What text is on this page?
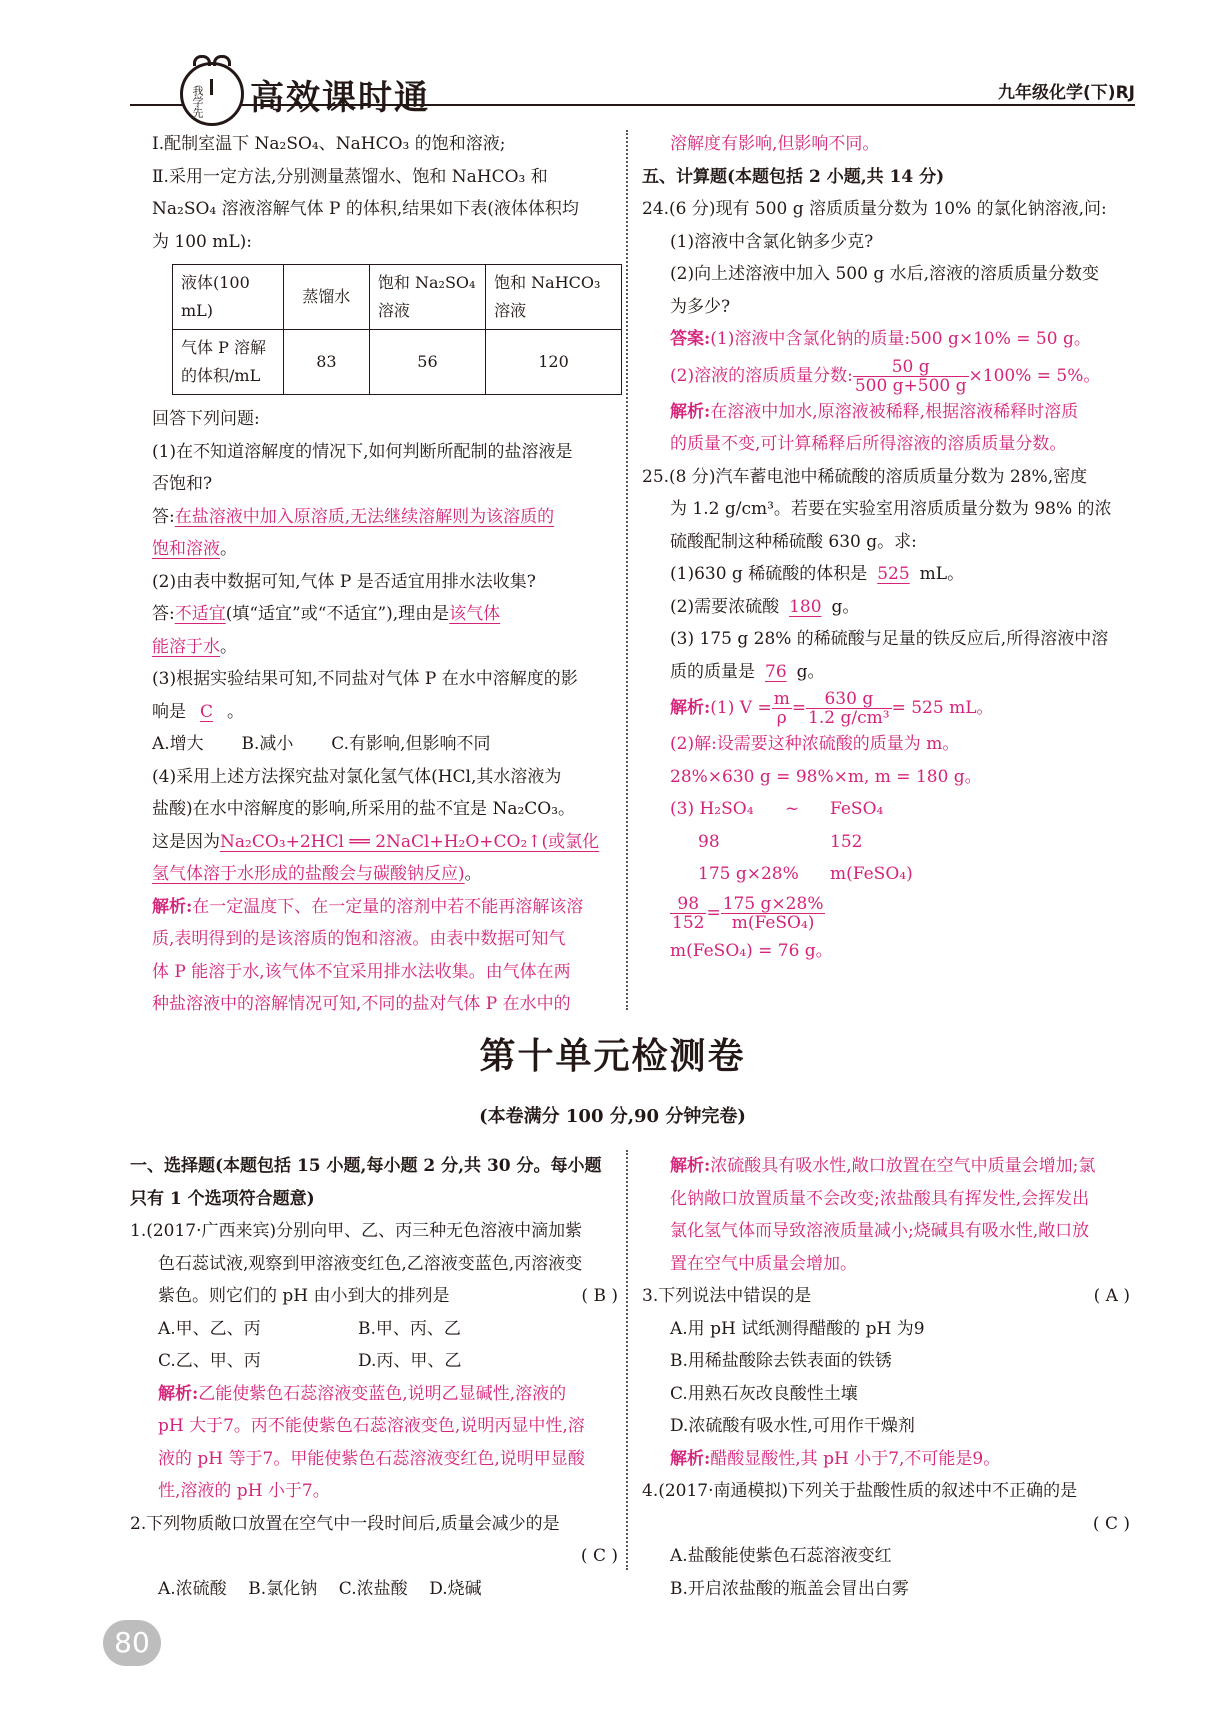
我学先 高效课时通	九年级化学(下)RJ

Ⅰ.配制室温下 Na₂SO₄、NaHCO₃ 的饱和溶液;

Ⅱ.采用一定方法,分别测量蒸馏水、饱和 NaHCO₃ 和

Na₂SO₄ 溶液溶解气体 P 的体积,结果如下表(液体体积均

为 100 mL):

液体(100 mL)	蒸馏水	饱和 Na₂SO₄ 溶液	饱和 NaHCO₃ 溶液
气体 P 溶解的体积/mL	83	56	120

回答下列问题:

(1)在不知道溶解度的情况下,如何判断所配制的盐溶液是

否饱和?

答:在盐溶液中加入原溶质,无法继续溶解则为该溶质的

饱和溶液。

(2)由表中数据可知,气体 P 是否适宜用排水法收集?

答:不适宜(填“适宜”或“不适宜”),理由是该气体

能溶于水。

(3)根据实验结果可知,不同盐对气体 P 在水中溶解度的影

响是 C 。

A.增大       B.减小       C.有影响,但影响不同

(4)采用上述方法探究盐对氯化氢气体(HCl,其水溶液为

盐酸)在水中溶解度的影响,所采用的盐不宜是 Na₂CO₃。

这是因为Na₂CO₃+2HCl ══ 2NaCl+H₂O+CO₂↑(或氯化

氢气体溶于水形成的盐酸会与碳酸钠反应)。

解析:在一定温度下、在一定量的溶剂中若不能再溶解该溶

质,表明得到的是该溶质的饱和溶液。由表中数据可知气

体 P 能溶于水,该气体不宜采用排水法收集。由气体在两

种盐溶液中的溶解情况可知,不同的盐对气体 P 在水中的

溶解度有影响,但影响不同。

五、计算题(本题包括 2 小题,共 14 分)

24.(6 分)现有 500 g 溶质质量分数为 10% 的氯化钠溶液,问:

(1)溶液中含氯化钠多少克?

(2)向上述溶液中加入 500 g 水后,溶液的溶质质量分数变

为多少?

答案:(1)溶液中含氯化钠的质量:500 g×10% = 50 g。

(2)溶液的溶质质量分数: $\frac{50 g}{500 g+500 g} \times 100\% = 5\%$。

解析:在溶液中加水,原溶液被稀释,根据溶液稀释时溶质

的质量不变,可计算稀释后所得溶液的溶质质量分数。

25.(8 分)汽车蓄电池中稀硫酸的溶质质量分数为 28%,密度

为 1.2 g/cm³。若要在实验室用溶质质量分数为 98% 的浓

硫酸配制这种稀硫酸 630 g。求:

(1)630 g 稀硫酸的体积是 525 mL。

(2)需要浓硫酸 180 g。

(3) 175 g 28% 的稀硫酸与足量的铁反应后,所得溶液中溶

质的质量是 76 g。

解析:(1) $V = \frac{m}{\rho} = \frac{630 g}{\text{1.2 g/cm³}} = 525$ mL。

(2)解:设需要这种浓硫酸的质量为 m。

28%×630 g = 98%×m, m = 180 g。

(3) H₂SO₄ ~ FeSO₄

98	152

175 g×28% m(FeSO₄)

$\frac{98}{152} = \frac{175 g\times 28\%}{\text{m(FeSO₄)}}$

m(FeSO₄) = 76 g。

第十单元检测卷
(本卷满分 100 分,90 分钟完卷)

一、选择题(本题包括 15 小题,每小题 2 分,共 30 分。每小题

只有 1 个选项符合题意)

1.(2017·广西来宾)分别向甲、乙、丙三种无色溶液中滴加紫

色石蕊试液,观察到甲溶液变红色,乙溶液变蓝色,丙溶液变

紫色。则它们的 pH 由小到大的排列是	( B )

A.甲、乙、丙	B.甲、丙、乙

C.乙、甲、丙	D.丙、甲、乙

解析:乙能使紫色石蕊溶液变蓝色,说明乙显碱性,溶液的

pH 大于7。丙不能使紫色石蕊溶液变色,说明丙显中性,溶

液的 pH 等于7。甲能使紫色石蕊溶液变红色,说明甲显酸

性,溶液的 pH 小于7。

2.下列物质敞口放置在空气中一段时间后,质量会减少的是

( C )

A.浓硫酸    B.氯化钠    C.浓盐酸    D.烧碱

解析:浓硫酸具有吸水性,敞口放置在空气中质量会增加;氯

化钠敞口放置质量不会改变;浓盐酸具有挥发性,会挥发出

氯化氢气体而导致溶液质量减小;烧碱具有吸水性,敞口放

置在空气中质量会增加。

3.下列说法中错误的是	( A )

A.用 pH 试纸测得醋酸的 pH 为9

B.用稀盐酸除去铁表面的铁锈

C.用熟石灰改良酸性土壤

D.浓硫酸有吸水性,可用作干燥剂

解析:醋酸显酸性,其 pH 小于7,不可能是9。

4.(2017·南通模拟)下列关于盐酸性质的叙述中不正确的是

( C )

A.盐酸能使紫色石蕊溶液变红

B.开启浓盐酸的瓶盖会冒出白雾

80
